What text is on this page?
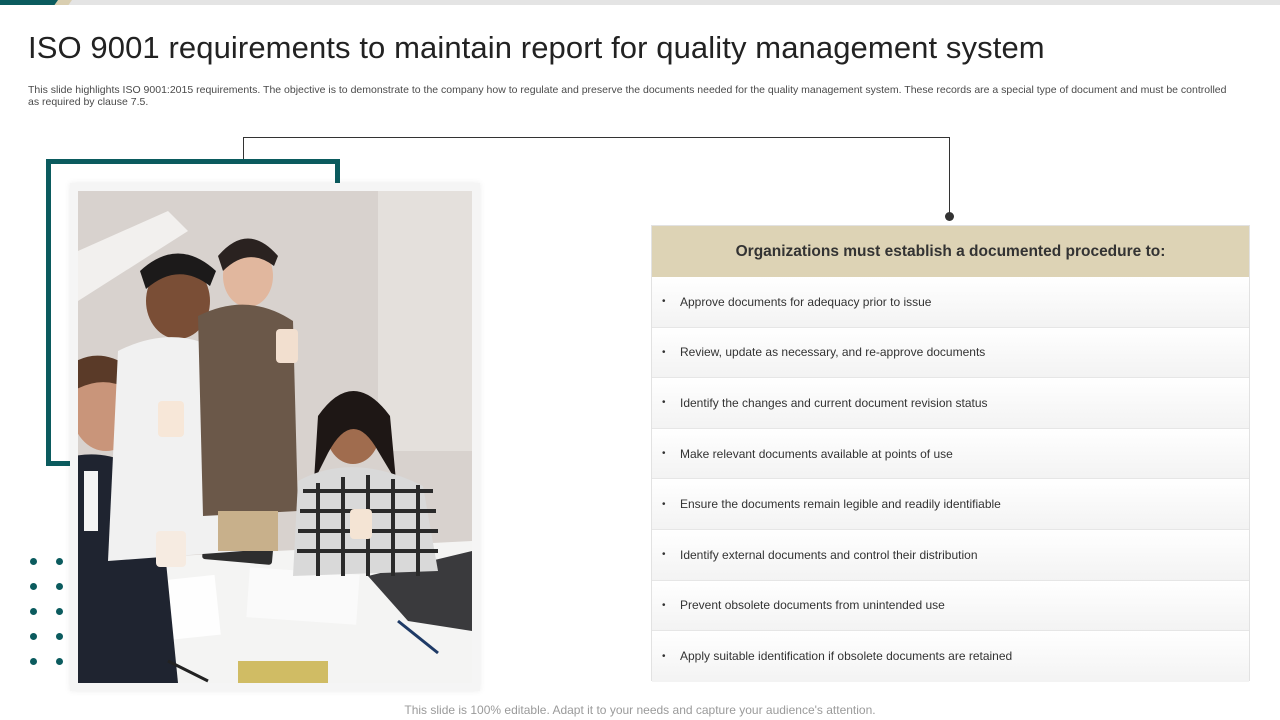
ISO 9001 requirements to maintain report for quality management system

This slide highlights ISO 9001:2015 requirements. The objective is to demonstrate to the company how to regulate and preserve the documents needed for the quality management system. These records are a special type of document and must be controlled as required by clause 7.5.

Organizations must establish a documented procedure to:
•	Approve documents for adequacy prior to issue
•	Review, update as necessary, and re-approve documents
•	Identify the changes and current document revision status
•	Make relevant documents available at points of use
•	Ensure the documents remain legible and readily identifiable
•	Identify external documents and control their distribution
•	Prevent obsolete documents from unintended use
•	Apply suitable identification if obsolete documents are retained
This slide is 100% editable. Adapt it to your needs and capture your audience's attention.
